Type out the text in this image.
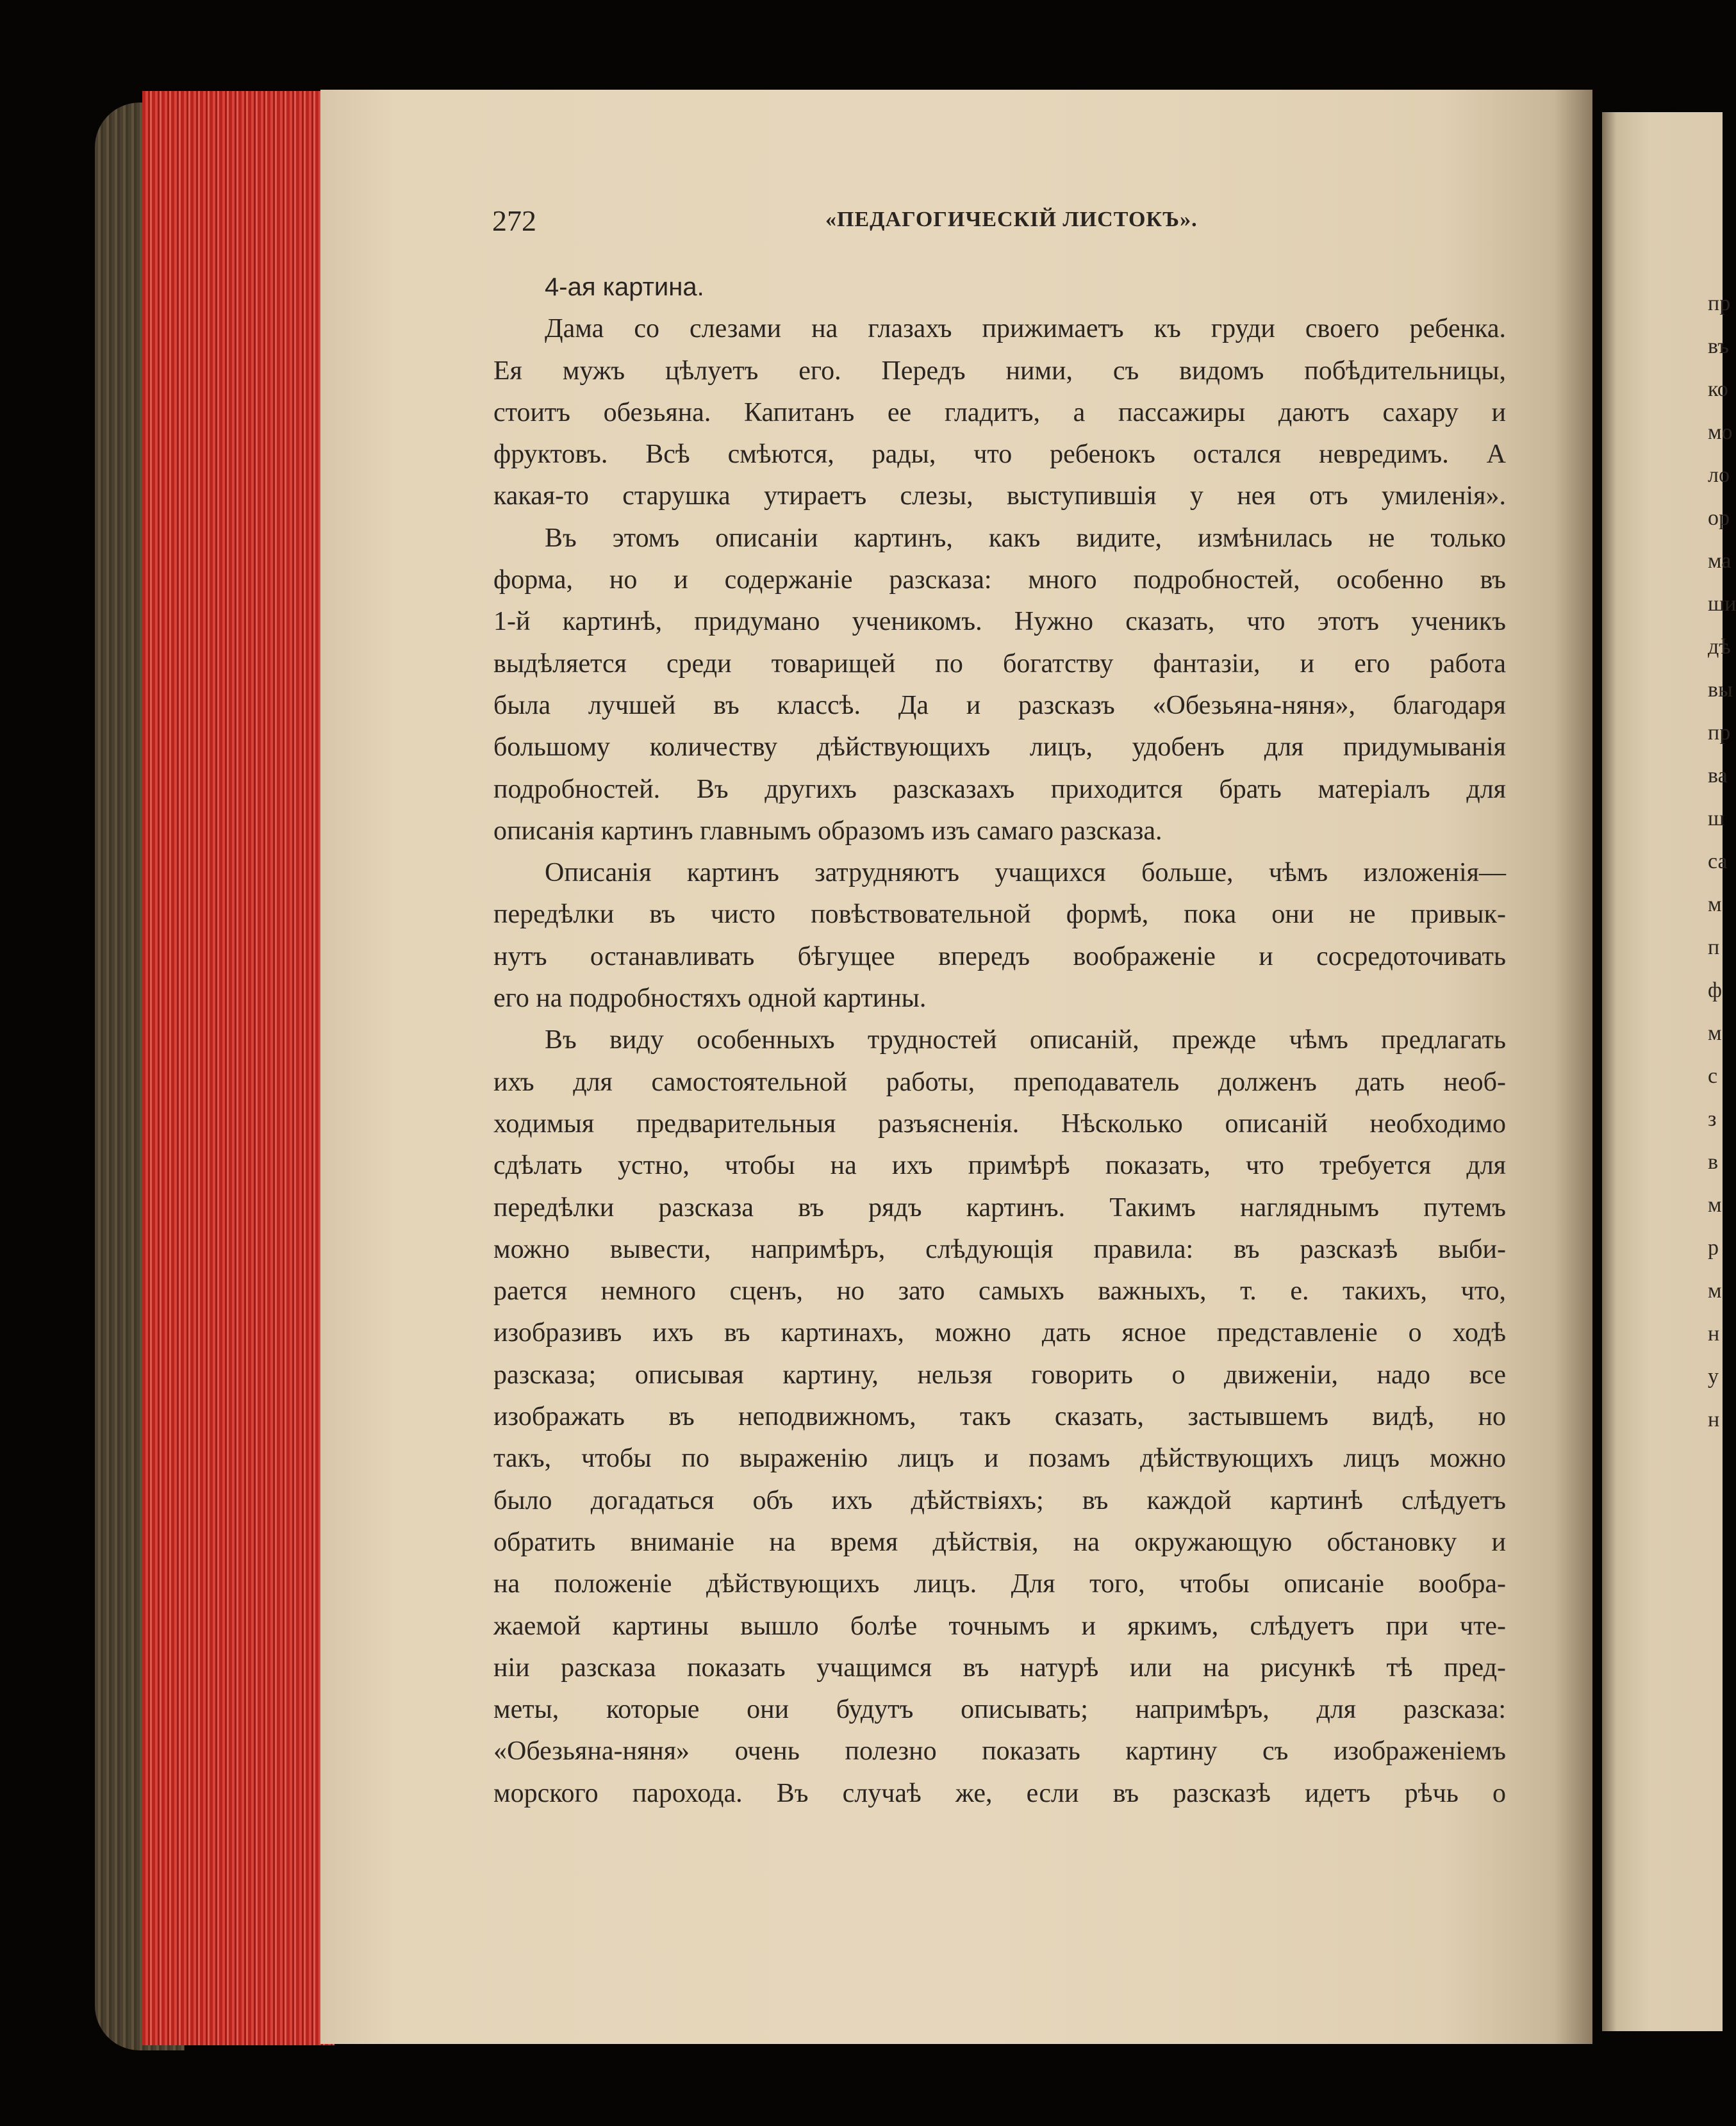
пр
въ
ко
мо
ло
ор
ма
ши
дѣ
вы
пр
ва
ш
са
м
п
ф
м
с
з
в
м
р
м
н
у
н
272	«ПЕДАГОГИЧЕСКІЙ ЛИСТОКЪ».
4-ая картина.
Дама со слезами на глазахъ прижимаетъ къ груди своего ребенка.
Ея мужъ цѣлуетъ его. Передъ ними, съ видомъ побѣдительницы,
стоитъ обезьяна. Капитанъ ее гладитъ, а пассажиры даютъ сахару и
фруктовъ. Всѣ смѣются, рады, что ребенокъ остался невредимъ. А
какая-то старушка утираетъ слезы, выступившія у нея отъ умиленія».
Въ этомъ описаніи картинъ, какъ видите, измѣнилась не только
форма, но и содержаніе разсказа: много подробностей, особенно въ
1-й картинѣ, придумано ученикомъ. Нужно сказать, что этотъ ученикъ
выдѣляется среди товарищей по богатству фантазіи, и его работа
была лучшей въ классѣ. Да и разсказъ «Обезьяна-няня», благодаря
большому количеству дѣйствующихъ лицъ, удобенъ для придумыванія
подробностей. Въ другихъ разсказахъ приходится брать матеріалъ для
описанія картинъ главнымъ образомъ изъ самаго разсказа.
Описанія картинъ затрудняютъ учащихся больше, чѣмъ изложенія—
передѣлки въ чисто повѣствовательной формѣ, пока они не привык-
нутъ останавливать бѣгущее впередъ воображеніе и сосредоточивать
его на подробностяхъ одной картины.
Въ виду особенныхъ трудностей описаній, прежде чѣмъ предлагать
ихъ для самостоятельной работы, преподаватель долженъ дать необ-
ходимыя предварительныя разъясненія. Нѣсколько описаній необходимо
сдѣлать устно, чтобы на ихъ примѣрѣ показать, что требуется для
передѣлки разсказа въ рядъ картинъ. Такимъ нагляднымъ путемъ
можно вывести, напримѣръ, слѣдующія правила: въ разсказѣ выби-
рается немного сценъ, но зато самыхъ важныхъ, т. е. такихъ, что,
изобразивъ ихъ въ картинахъ, можно дать ясное представленіе о ходѣ
разсказа; описывая картину, нельзя говорить о движеніи, надо все
изображать въ неподвижномъ, такъ сказать, застывшемъ видѣ, но
такъ, чтобы по выраженію лицъ и позамъ дѣйствующихъ лицъ можно
было догадаться объ ихъ дѣйствіяхъ; въ каждой картинѣ слѣдуетъ
обратить вниманіе на время дѣйствія, на окружающую обстановку и
на положеніе дѣйствующихъ лицъ. Для того, чтобы описаніе вообра-
жаемой картины вышло болѣе точнымъ и яркимъ, слѣдуетъ при чте-
ніи разсказа показать учащимся въ натурѣ или на рисункѣ тѣ пред-
меты, которые они будутъ описывать; напримѣръ, для разсказа:
«Обезьяна-няня» очень полезно показать картину съ изображеніемъ
морского парохода. Въ случаѣ же, если въ разсказѣ идетъ рѣчь о
